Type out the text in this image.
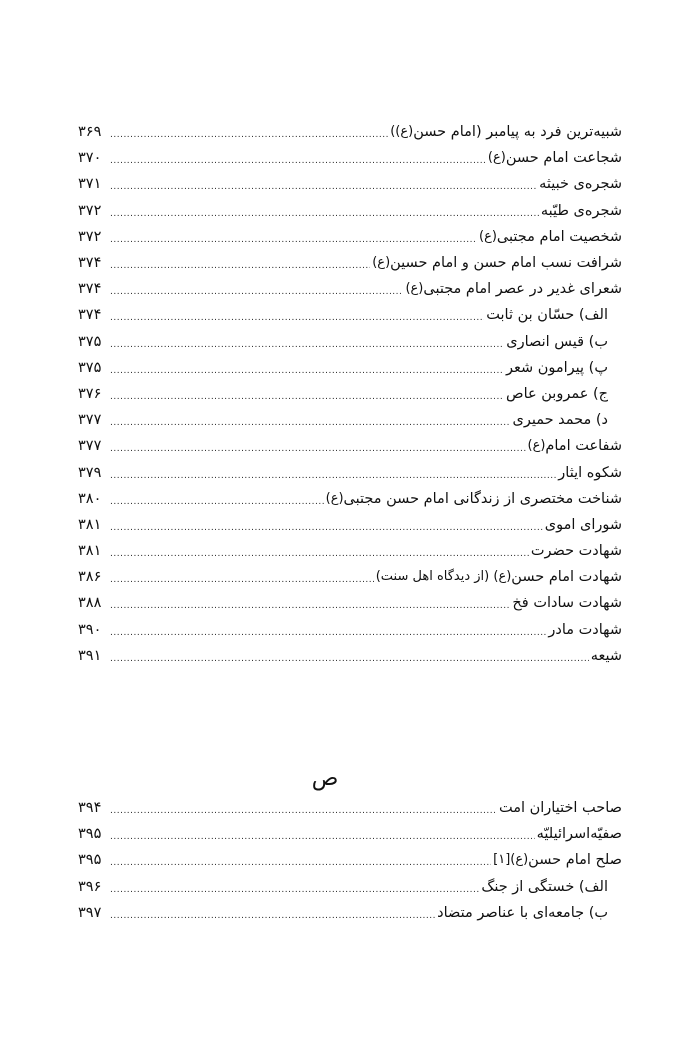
شبیه‌ترین فرد به پیامبر (امام حسن
(ع))
.....
۳۶۹
شجاعت امام حسن
(ع)
.....
۳۷۰
شجره‌ی خبیثه
.....
۳۷۱
شجره‌ی طیّبه
.....
۳۷۲
شخصیت امام مجتبی
(ع)
.....
۳۷۲
شرافت نسب امام حسن و امام حسین
(ع)
.....
۳۷۴
شعرای غدیر در عصر امام مجتبی
(ع)
.....
۳۷۴
الف) حسّان بن ثابت
.....
۳۷۴
ب) قیس انصاری
.....
۳۷۵
پ) پیرامون شعر
.....
۳۷۵
ج) عمروبن عاص
.....
۳۷۶
د) محمد حمیری
.....
۳۷۷
شفاعت امام
(ع)
.....
۳۷۷
شکوه ایثار
.....
۳۷۹
شناخت مختصری از زندگانی امام حسن مجتبی
(ع)
.....
۳۸۰
شورای اموی
.....
۳۸۱
شهادت حضرت
.....
۳۸۱
شهادت امام حسن
(ع) (از دیدگاه اهل سنت)
.....
۳۸۶
شهادت سادات فخ
.....
۳۸۸
شهادت مادر
.....
۳۹۰
شیعه
.....
۳۹۱
ص
صاحب اختیاران امت
.....
۳۹۴
صفیّه‌اسرائیلیّه
.....
۳۹۵
صلح امام حسن
(ع)[۱]
.....
۳۹۵
الف) خستگی از جنگ
.....
۳۹۶
ب) جامعه‌ای با عناصر متضاد
.....
۳۹۷
